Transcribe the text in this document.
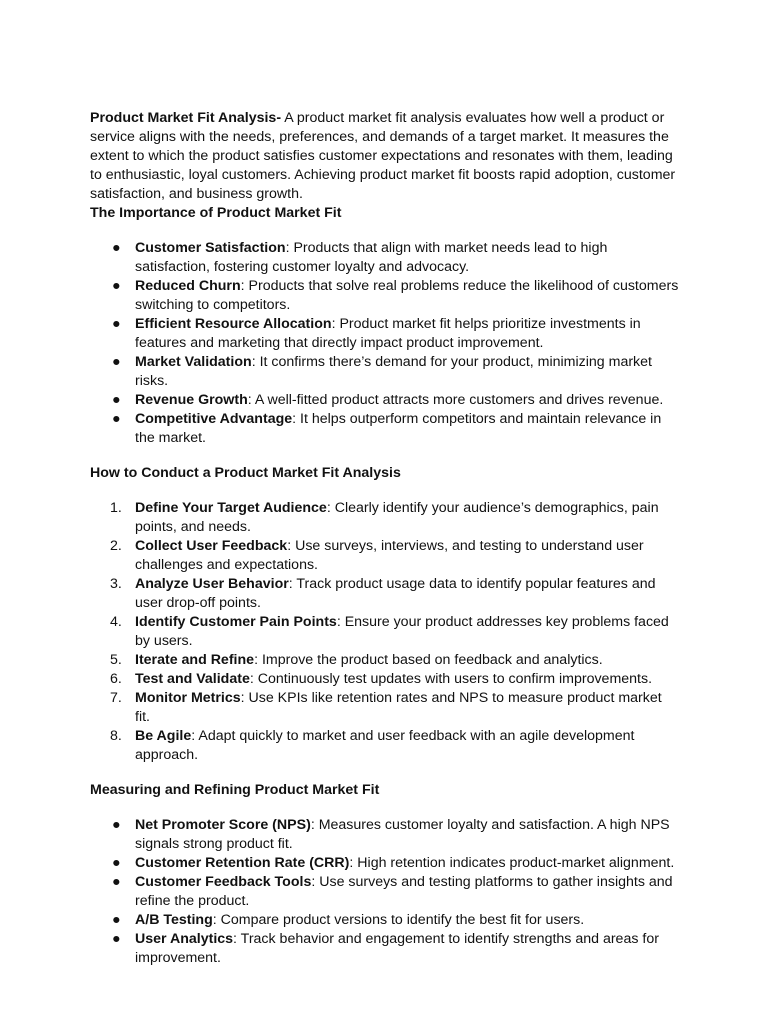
Product Market Fit Analysis- A product market fit analysis evaluates how well a product or service aligns with the needs, preferences, and demands of a target market. It measures the extent to which the product satisfies customer expectations and resonates with them, leading to enthusiastic, loyal customers. Achieving product market fit boosts rapid adoption, customer satisfaction, and business growth.

The Importance of Product Market Fit

● Customer Satisfaction: Products that align with market needs lead to high satisfaction, fostering customer loyalty and advocacy.
● Reduced Churn: Products that solve real problems reduce the likelihood of customers switching to competitors.
● Efficient Resource Allocation: Product market fit helps prioritize investments in features and marketing that directly impact product improvement.
● Market Validation: It confirms there’s demand for your product, minimizing market risks.
● Revenue Growth: A well-fitted product attracts more customers and drives revenue.
● Competitive Advantage: It helps outperform competitors and maintain relevance in the market.

How to Conduct a Product Market Fit Analysis

1. Define Your Target Audience: Clearly identify your audience’s demographics, pain points, and needs.
2. Collect User Feedback: Use surveys, interviews, and testing to understand user challenges and expectations.
3. Analyze User Behavior: Track product usage data to identify popular features and user drop-off points.
4. Identify Customer Pain Points: Ensure your product addresses key problems faced by users.
5. Iterate and Refine: Improve the product based on feedback and analytics.
6. Test and Validate: Continuously test updates with users to confirm improvements.
7. Monitor Metrics: Use KPIs like retention rates and NPS to measure product market fit.
8. Be Agile: Adapt quickly to market and user feedback with an agile development approach.

Measuring and Refining Product Market Fit

● Net Promoter Score (NPS): Measures customer loyalty and satisfaction. A high NPS signals strong product fit.
● Customer Retention Rate (CRR): High retention indicates product-market alignment.
● Customer Feedback Tools: Use surveys and testing platforms to gather insights and refine the product.
● A/B Testing: Compare product versions to identify the best fit for users.
● User Analytics: Track behavior and engagement to identify strengths and areas for improvement.
